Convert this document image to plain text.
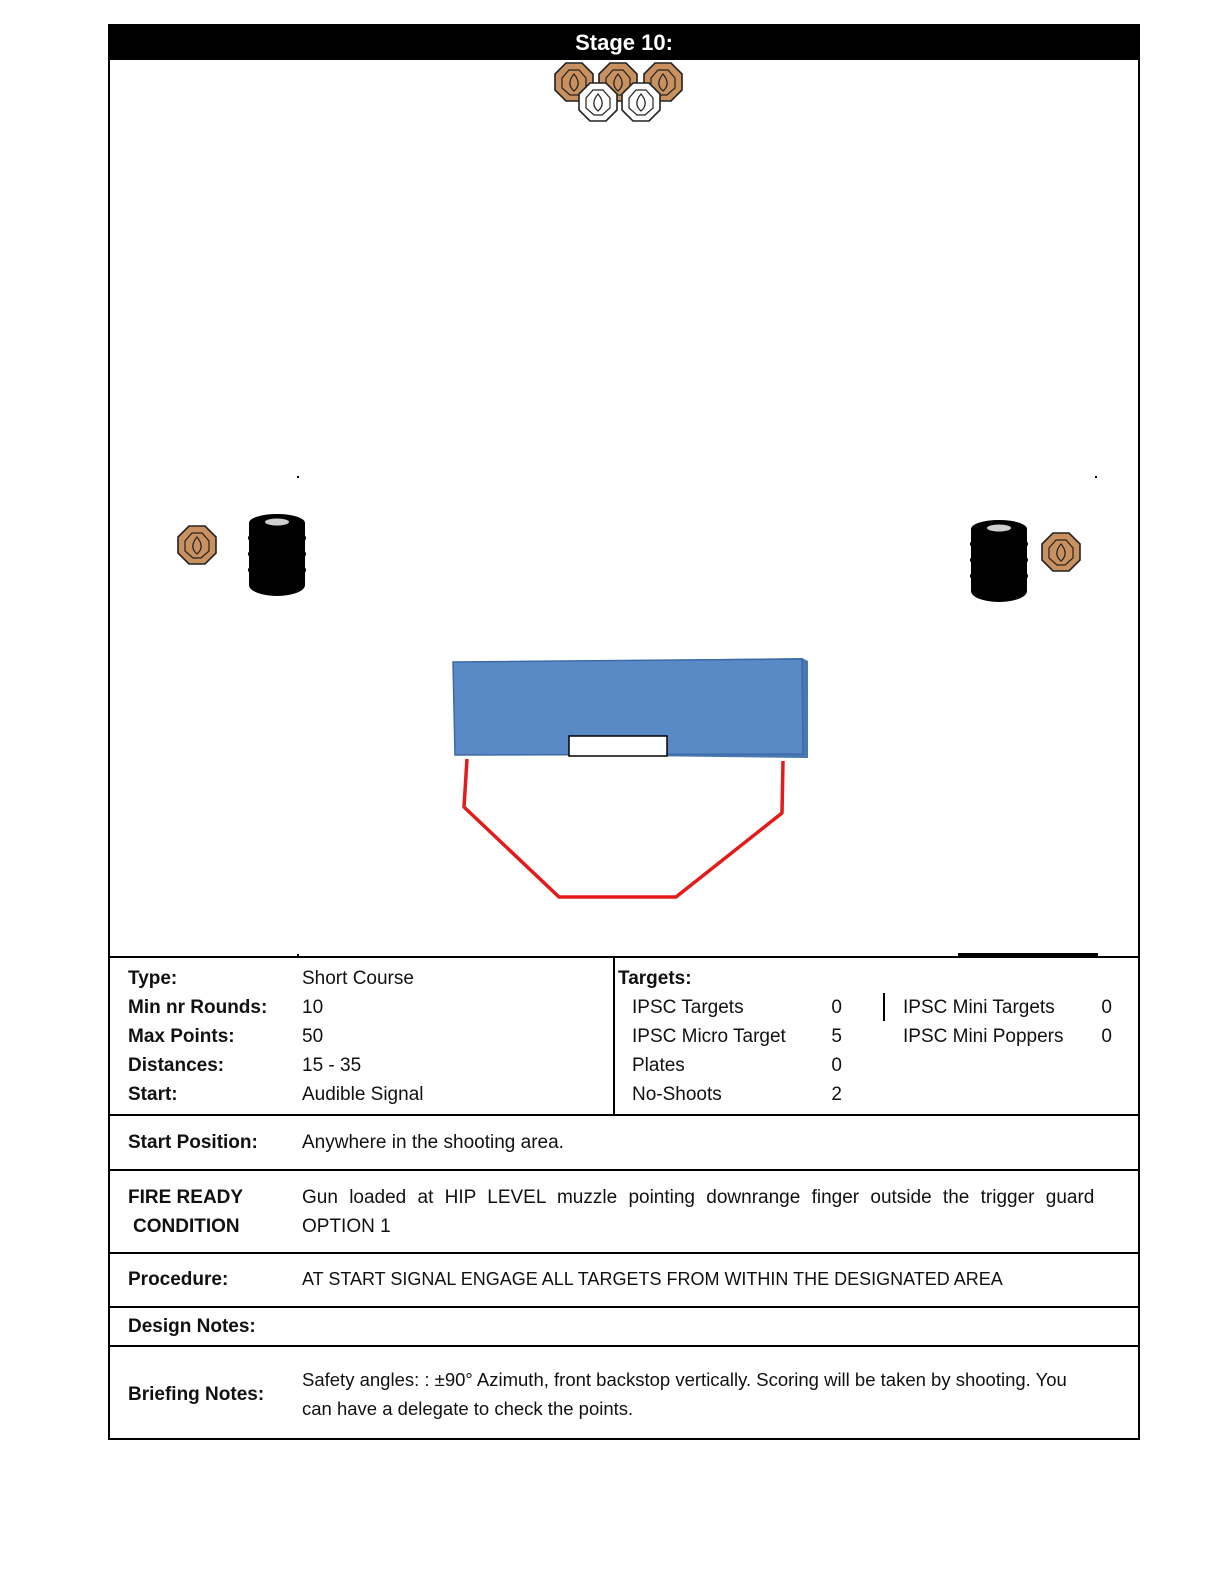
Stage 10:
Type:	Short Course	Targets:
Min nr Rounds: 10	IPSC Targets	0	IPSC Mini Targets	0
Max Points:	50	IPSC Micro Target	5	IPSC Mini Poppers	0
Distances:	15 - 35	Plates	0
Start:	Audible Signal	No-Shoots	2
Start Position: Anywhere in the shooting area.
FIRE READY
CONDITION
Gun loaded at HIP LEVEL muzzle pointing downrange finger outside the trigger guard
OPTION 1
Procedure:	AT START SIGNAL ENGAGE ALL TARGETS FROM WITHIN THE DESIGNATED AREA
Design Notes:
Briefing Notes:
Safety angles: : ±90° Azimuth, front backstop vertically. Scoring will be taken by shooting. You
can have a delegate to check the points.
